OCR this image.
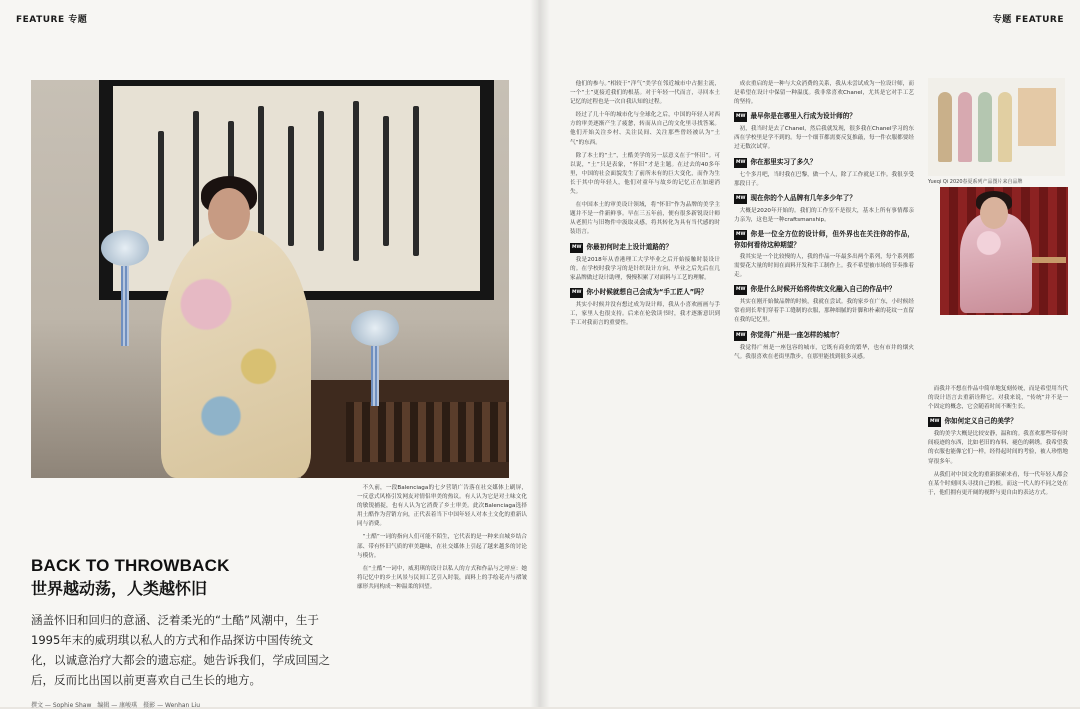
FEATURE 专题	专题 FEATURE
BACK TO THROWBACK
世界越动荡，人类越怀旧
涵盖怀旧和回归的意涵、泛着柔光的“土酷”风潮中，生于1995年末的威玥琪以私人的方式和作品探访中国传统文化，以诚意治疗大都会的遗忘症。她告诉我们，学成回国之后，反而比出国以前更喜欢自己生长的地方。
撰文 — Sophie Shaw　编辑 — 康峻琪　摄影 — Wenhan Liu

不久前，一段Balenciaga的七夕营销广告落在社交媒体上刷屏，一反意式风格引发网友对情侣审美的热议。有人认为它是对土味文化的敏锐捕捉，也有人认为它消费了乡土审美。此次Balenciaga选择用土酷作为营销方向，正代表着当下中国年轻人对本土文化的重新认同与消费。

“土酷”一词的指向人们可能不陌生，它代表的是一种来自城乡结合部、带有怀旧气质的审美趣味，在社交媒体上引起了越来越多的讨论与模仿。

在“土酷”一词中，威玥琪的设计以私人的方式和作品与之呼应：她将记忆中的乡土风景与民间工艺引入时装，面料上的手绘花卉与褶皱廓形共同构成一种温柔的回望。

他们的参与。”相较于“洋气”美学在邻近城市中占据主流，一个“土”更接近我们的根基。对于年轻一代而言，寻回本土记忆的过程也是一次自我认知的过程。

经过了几十年的城市化与全球化之后，中国的年轻人对西方的审美逐渐产生了疲惫，转而从自己的文化里寻找答案。他们开始关注乡村、关注民间、关注那些曾经被认为“土气”的东西。

除了本土的“土”，土酷美学的另一层意义在于“怀旧”。可以说，“土”只是表象，“怀旧”才是主题。在过去的40多年里，中国的社会面貌发生了前所未有的巨大变化，而作为生长于其中的年轻人，他们对童年与故乡的记忆正在加速消失。

在中国本土的审美设计领域，将“怀旧”作为品牌的美学主题并不是一件新鲜事。早在三五年前，便有很多新锐设计师从老照片与旧物件中汲取灵感，将其转化为具有当代感的时装语言。

MW 你最初何时走上设计道路的？

我是2018年从香港理工大学毕业之后开始接触时装设计的。在学校时我学习的是针织设计方向，毕业之后先后在几家品牌做过设计助理，慢慢积累了对面料与工艺的理解。

MW 你小时候就想自己会成为“手工匠人”吗？

其实小时候并没有想过成为设计师，我从小喜欢画画与手工，家里人也很支持。后来在伦敦读书时，我才逐渐意识到手工对我而言的重要性。

成衣重启的是一种与大众消费的关系，我从未尝试成为一位设计师，而是希望在设计中保留一种温度。我非常喜欢Chanel，尤其是它对手工艺的坚持。

MW 最早你是在哪里入行成为设计师的？

初，我当时是去了Chanel，然后我就发现，很多我在Chanel学习的东西在学校里是学不到的。每一个细节都需要反复推敲，每一件衣服都要经过无数次试穿。

MW 你在那里实习了多久？

七个多月吧，当时我在巴黎，做一个人，除了工作就是工作。我很享受那段日子。

MW 现在你的个人品牌有几年多少年了？

大概是2020年开始的。我们的工作室不是很大，基本上所有事情都亲力亲为，这也是一种craftsmanship。

MW 你是一位全方位的设计师，但外界也在关注你的作品，你如何看待这种期望？

我其实是一个比较慢的人，我的作品一年最多出两个系列，每个系列都需要花大量的时间在面料开发和手工制作上。我不希望被市场的节奏推着走。

MW 你是什么时候开始将传统文化融入自己的作品中？

其实在刚开始做品牌的时候，我就在尝试。我的家乡在广东，小时候经常看到长辈们穿着手工缝制的衣服，那种细腻的针脚和朴素的花纹一直留在我的记忆里。

MW 你觉得广州是一座怎样的城市？

我觉得广州是一座包容的城市，它既有商业的繁华，也有市井的烟火气。我很喜欢在老街里散步，在那里能找到很多灵感。

Yueqi Qi 2020春夏系列产品图片来自品牌

而我并不想在作品中简单地复刻传统，而是希望用当代的设计语言去重新诠释它。对我来说，“传统”并不是一个固定的概念，它会随着时间不断生长。

MW 你如何定义自己的美学？

我的美学大概是比较安静，温和的。我喜欢那些带有时间痕迹的东西，比如老旧的布料、褪色的刺绣。我希望我的衣服也能像它们一样，经得起时间的考验，被人珍惜地穿很多年。

从我们对中国文化的重新探索来看，每一代年轻人都会在某个时刻回头寻找自己的根。而这一代人的不同之处在于，他们拥有更开阔的视野与更自由的表达方式。
